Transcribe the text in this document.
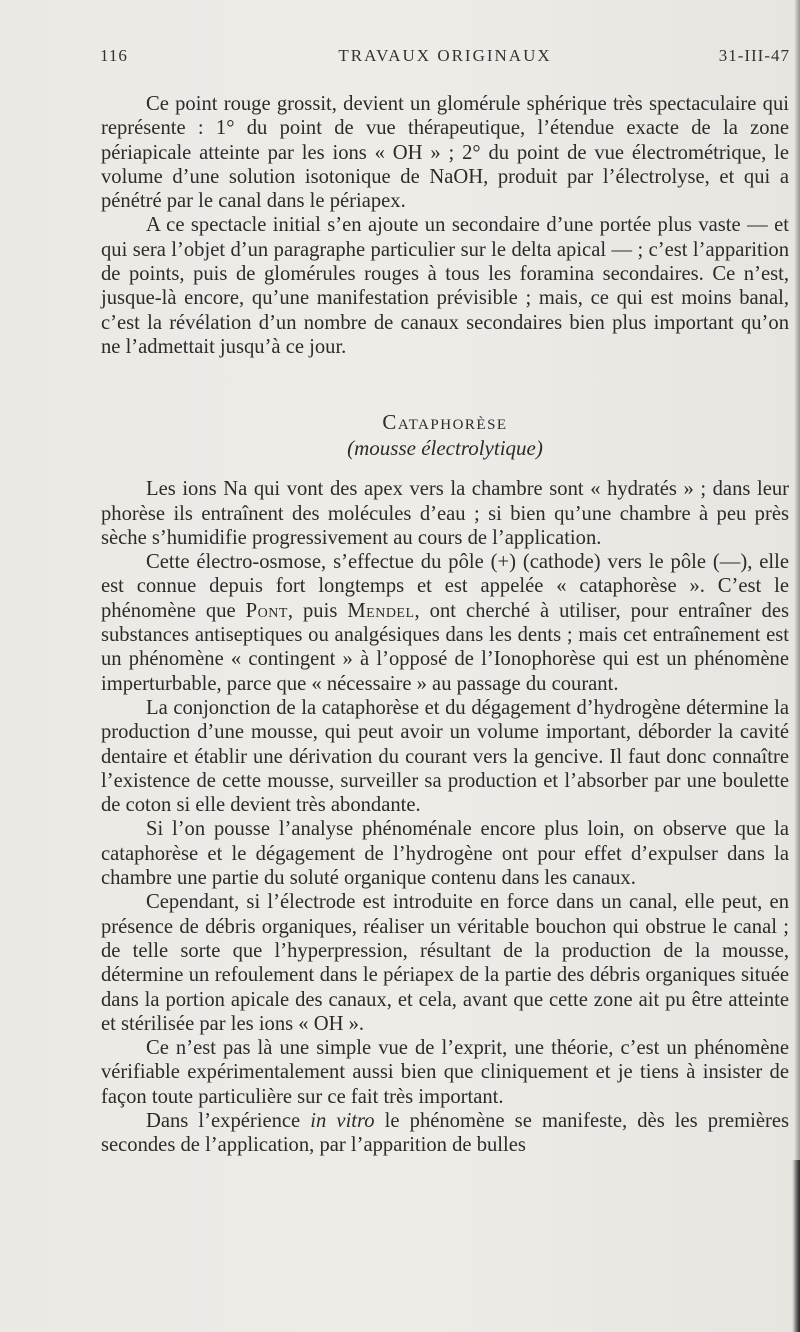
116	TRAVAUX ORIGINAUX	31-III-47

Ce point rouge grossit, devient un glomérule sphérique très spectaculaire qui représente : 1° du point de vue thérapeutique, l’étendue exacte de la zone périapicale atteinte par les ions « OH » ; 2° du point de vue électrométrique, le volume d’une solution isotonique de NaOH, produit par l’électrolyse, et qui a pénétré par le canal dans le périapex.

A ce spectacle initial s’en ajoute un secondaire d’une portée plus vaste — et qui sera l’objet d’un paragraphe particulier sur le delta apical — ; c’est l’apparition de points, puis de glomérules rouges à tous les foramina secondaires. Ce n’est, jusque-là encore, qu’une manifestation prévisible ; mais, ce qui est moins banal, c’est la révélation d’un nombre de canaux secondaires bien plus important qu’on ne l’admettait jusqu’à ce jour.

Cataphorèse
(mousse électrolytique)

Les ions Na qui vont des apex vers la chambre sont « hydratés » ; dans leur phorèse ils entraînent des molécules d’eau ; si bien qu’une chambre à peu près sèche s’humidifie progressivement au cours de l’application.

Cette électro-osmose, s’effectue du pôle (+) (cathode) vers le pôle (—), elle est connue depuis fort longtemps et est appelée « cataphorèse ». C’est le phénomène que Pont, puis Mendel, ont cherché à utiliser, pour entraîner des substances antiseptiques ou analgésiques dans les dents ; mais cet entraînement est un phénomène « contingent » à l’opposé de l’Ionophorèse qui est un phénomène imperturbable, parce que « nécessaire » au passage du courant.

La conjonction de la cataphorèse et du dégagement d’hydrogène détermine la production d’une mousse, qui peut avoir un volume important, déborder la cavité dentaire et établir une dérivation du courant vers la gencive. Il faut donc connaître l’existence de cette mousse, surveiller sa production et l’absorber par une boulette de coton si elle devient très abondante.

Si l’on pousse l’analyse phénoménale encore plus loin, on observe que la cataphorèse et le dégagement de l’hydrogène ont pour effet d’expulser dans la chambre une partie du soluté organique contenu dans les canaux.

Cependant, si l’électrode est introduite en force dans un canal, elle peut, en présence de débris organiques, réaliser un véritable bouchon qui obstrue le canal ; de telle sorte que l’hyperpression, résultant de la production de la mousse, détermine un refoulement dans le périapex de la partie des débris organiques située dans la portion apicale des canaux, et cela, avant que cette zone ait pu être atteinte et stérilisée par les ions « OH ».

Ce n’est pas là une simple vue de l’exprit, une théorie, c’est un phénomène vérifiable expérimentalement aussi bien que cliniquement et je tiens à insister de façon toute particulière sur ce fait très important.

Dans l’expérience in vitro le phénomène se manifeste, dès les premières secondes de l’application, par l’apparition de bulles
